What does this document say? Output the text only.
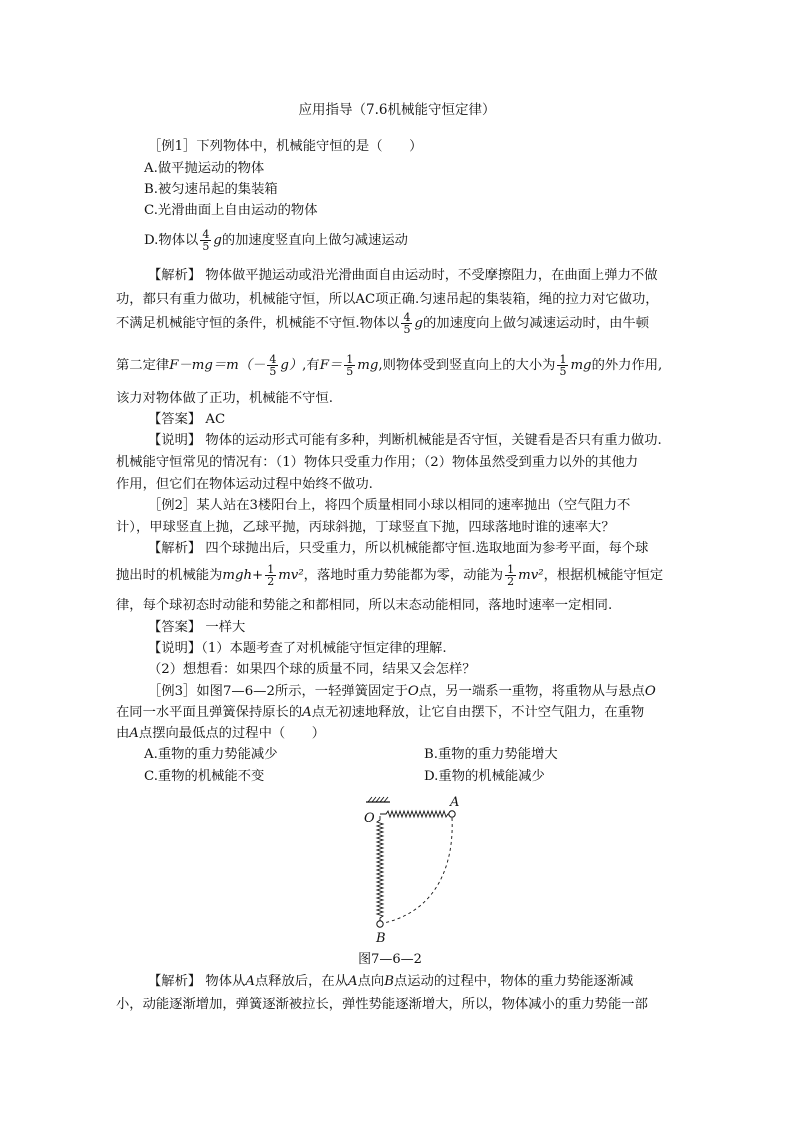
应用指导（7.6机械能守恒定律）
［例1］下列物体中，机械能守恒的是（　　）
A.做平抛运动的物体
B.被匀速吊起的集装箱
C.光滑曲面上自由运动的物体
D.物体以 $\frac{4}{5}$ g的加速度竖直向上做匀减速运动
【解析】 物体做平抛运动或沿光滑曲面自由运动时，不受摩擦阻力，在曲面上弹力不做
功，都只有重力做功，机械能守恒，所以AC项正确.匀速吊起的集装箱，绳的拉力对它做功，
不满足机械能守恒的条件，机械能不守恒.物体以 $\frac{4}{5}$ g的加速度向上做匀减速运动时，由牛顿
第二定律$F-mg=m(- \frac{4}{5} g)$,有$F= \frac{1}{5}$ mg,则物体受到竖直向上的大小为 $\frac{1}{5}$ mg的外力作用,
该力对物体做了正功，机械能不守恒.
【答案】 AC
【说明】 物体的运动形式可能有多种，判断机械能是否守恒，关键看是否只有重力做功.
机械能守恒常见的情况有：（1）物体只受重力作用；（2）物体虽然受到重力以外的其他力
作用，但它们在物体运动过程中始终不做功.
［例2］某人站在3楼阳台上，将四个质量相同小球以相同的速率抛出（空气阻力不
计），甲球竖直上抛，乙球平抛，丙球斜抛，丁球竖直下抛，四球落地时谁的速率大？
【解析】 四个球抛出后，只受重力，所以机械能都守恒.选取地面为参考平面，每个球
抛出时的机械能为$mgh+ \frac{1}{2} mv^2$，落地时重力势能都为零，动能为 $\frac{1}{2} mv^2$，根据机械能守恒定
律，每个球初态时动能和势能之和都相同，所以末态动能相同，落地时速率一定相同.
【答案】 一样大
【说明】（1）本题考查了对机械能守恒定律的理解.
（2）想想看：如果四个球的质量不同，结果又会怎样？
［例3］如图7—6—2所示，一轻弹簧固定于O点，另一端系一重物，将重物从与悬点O
在同一水平面且弹簧保持原长的A点无初速地释放，让它自由摆下，不计空气阻力，在重物
由A点摆向最低点的过程中（　　）
A.重物的重力势能减少	B.重物的重力势能增大
C.重物的机械能不变	D.重物的机械能减少
O
A
B
图7—6—2
【解析】 物体从A点释放后，在从A点向B点运动的过程中，物体的重力势能逐渐减
小，动能逐渐增加，弹簧逐渐被拉长，弹性势能逐渐增大，所以，物体减小的重力势能一部
